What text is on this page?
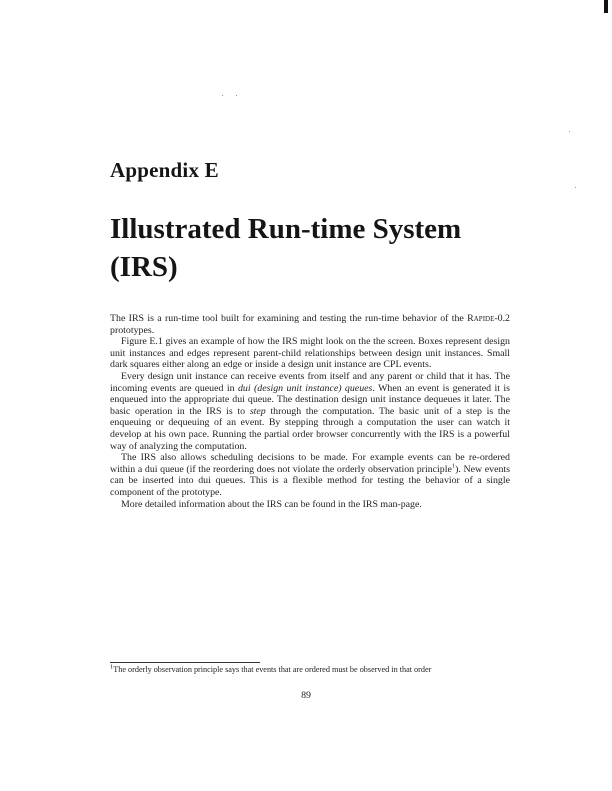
Appendix E
Illustrated Run-time System
(IRS)

The IRS is a run-time tool built for examining and testing the run-time behavior of the Rapide-0.2 prototypes.

Figure E.1 gives an example of how the IRS might look on the the screen. Boxes represent design unit instances and edges represent parent-child relationships between design unit instances. Small dark squares either along an edge or inside a design unit instance are CPL events.

Every design unit instance can receive events from itself and any parent or child that it has. The incoming events are queued in dui (design unit instance) queues. When an event is generated it is enqueued into the appropriate dui queue. The destination design unit instance dequeues it later. The basic operation in the IRS is to step through the computation. The basic unit of a step is the enqueuing or dequeuing of an event. By stepping through a computation the user can watch it develop at his own pace. Running the partial order browser concurrently with the IRS is a powerful way of analyzing the computation.

The IRS also allows scheduling decisions to be made. For example events can be re-ordered within a dui queue (if the reordering does not violate the orderly observation principle$^1$). New events can be inserted into dui queues. This is a flexible method for testing the behavior of a single component of the prototype.

More detailed information about the IRS can be found in the IRS man-page.

$^1$The orderly observation principle says that events that are ordered must be observed in that order
89
